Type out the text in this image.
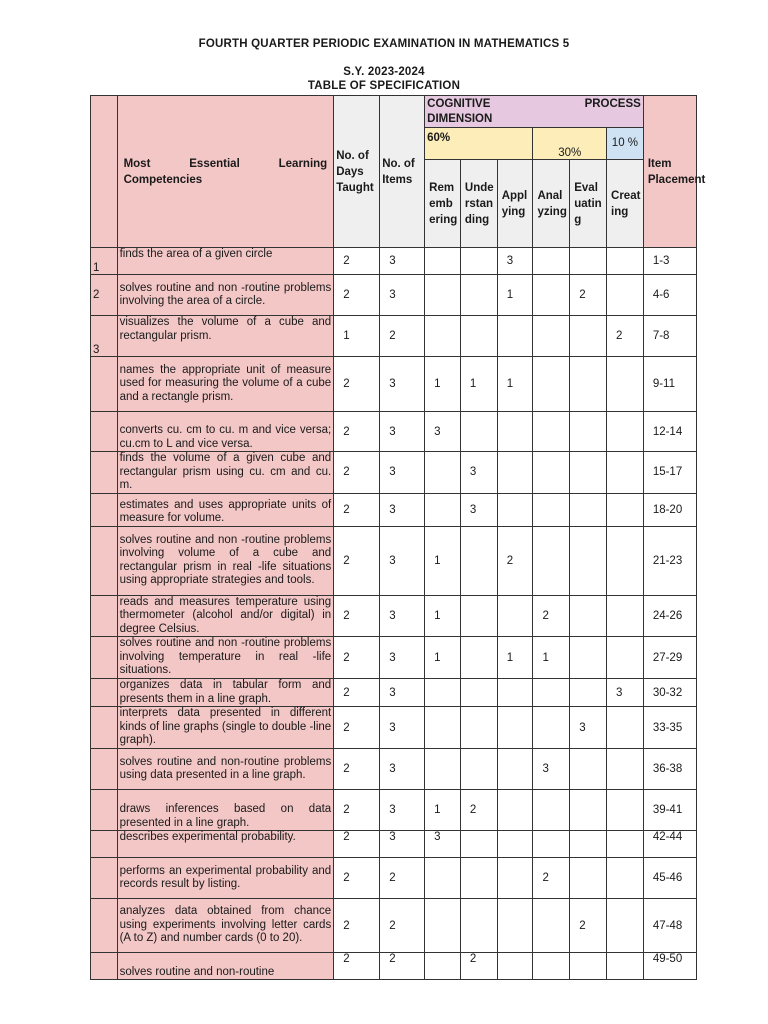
FOURTH QUARTER PERIODIC EXAMINATION IN MATHEMATICS 5
S.Y. 2023-2024
TABLE OF SPECIFICATION
	Most Essential Learning Competencies	No. of Days Taught	No. of Items	COGNITIVE PROCESS
DIMENSION						Item Placement
				60%			30%		10 %	

				Remembering	Understanding	Applying	Analyzing	Evaluating	Creating	
1	finds the area of a given circle	2	3			3				1-3
2	solves routine and non -routine problems involving the area of a circle.	2	3			1		2		4-6
3	visualizes the volume of a cube and rectangular prism.	1	2						2	7-8
	names the appropriate unit of measure used for measuring the volume of a cube and a rectangle prism.	2	3	1	1	1				9-11
	converts cu. cm to cu. m and vice versa; cu.cm to L and vice versa.	2	3	3						12-14
	finds the volume of a given cube and rectangular prism using cu. cm and cu. m.	2	3		3					15-17
	estimates and uses appropriate units of measure for volume.	2	3		3					18-20
	solves routine and non -routine problems involving volume of a cube and rectangular prism in real -life situations using appropriate strategies and tools.	2	3	1		2				21-23
	reads and measures temperature using thermometer (alcohol and/or digital) in degree Celsius.	2	3	1			2			24-26
	solves routine and non -routine problems involving temperature in real -life situations.	2	3	1		1	1			27-29
	organizes data in tabular form and presents them in a line graph.	2	3						3	30-32
	interprets data presented in different kinds of line graphs (single to double -line graph).	2	3					3		33-35
	solves routine and non-routine problems using data presented in a line graph.	2	3				3			36-38
	draws inferences based on data presented in a line graph.	2	3	1	2					39-41
	describes experimental probability.	2	3	3						42-44
	performs an experimental probability and records result by listing.	2	2				2			45-46
	analyzes data obtained from chance using experiments involving letter cards (A to Z) and number cards (0 to 20).	2	2					2		47-48
	solves routine and non-routine	2	2		2					49-50
